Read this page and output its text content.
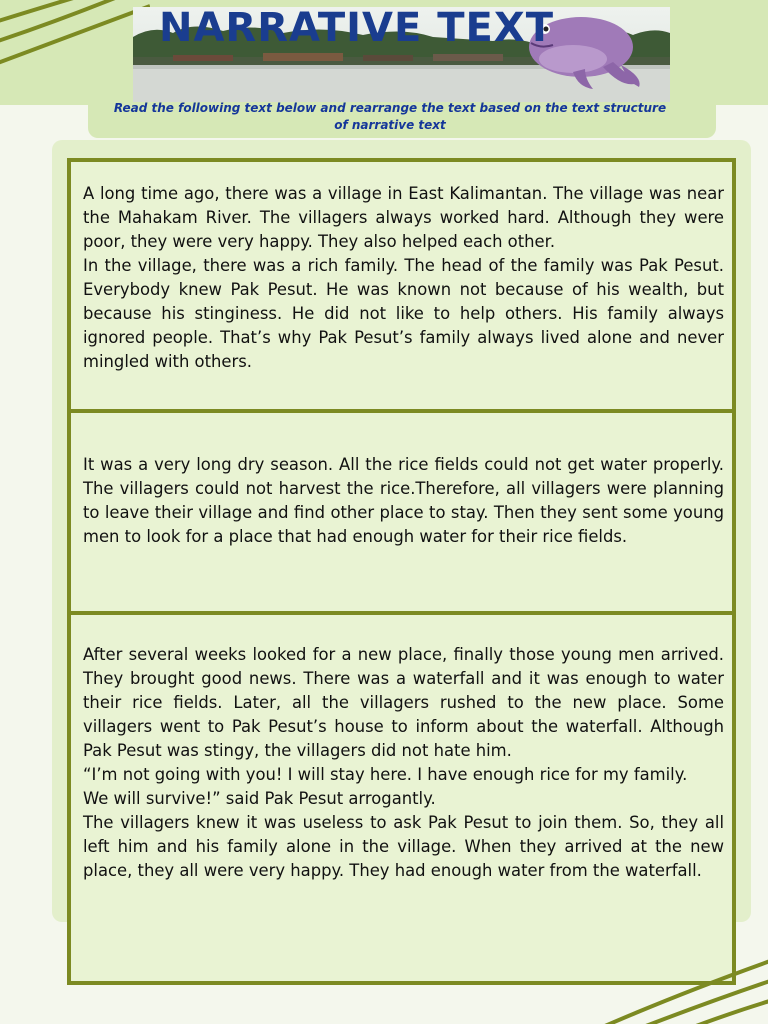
NARRATIVE TEXT
Read the following text below and rearrange the text based on the text structure of narrative text

A long time ago, there was a village in East Kalimantan. The village was near the Mahakam River. The villagers always worked hard. Although they were poor, they were very happy. They also helped each other.

In the village, there was a rich family. The head of the family was Pak Pesut. Everybody knew Pak Pesut. He was known not because of his wealth, but because his stinginess. He did not like to help others. His family always ignored people. That’s why Pak Pesut’s family always lived alone and never mingled with others.

It was a very long dry season. All the rice fields could not get water properly. The villagers could not harvest the rice.Therefore, all villagers were planning to leave their village and find other place to stay. Then they sent some young men to look for a place that had enough water for their rice fields.

After several weeks looked for a new place, finally those young men arrived. They brought good news. There was a waterfall and it was enough to water their rice fields. Later, all the villagers rushed to the new place. Some villagers went to Pak Pesut’s house to inform about the waterfall. Although Pak Pesut was stingy, the villagers did not hate him.

“I’m not going with you! I will stay here. I have enough rice for my family.

We will survive!” said Pak Pesut arrogantly.

The villagers knew it was useless to ask Pak Pesut to join them. So, they all left him and his family alone in the village. When they arrived at the new place, they all were very happy. They had enough water from the waterfall.
